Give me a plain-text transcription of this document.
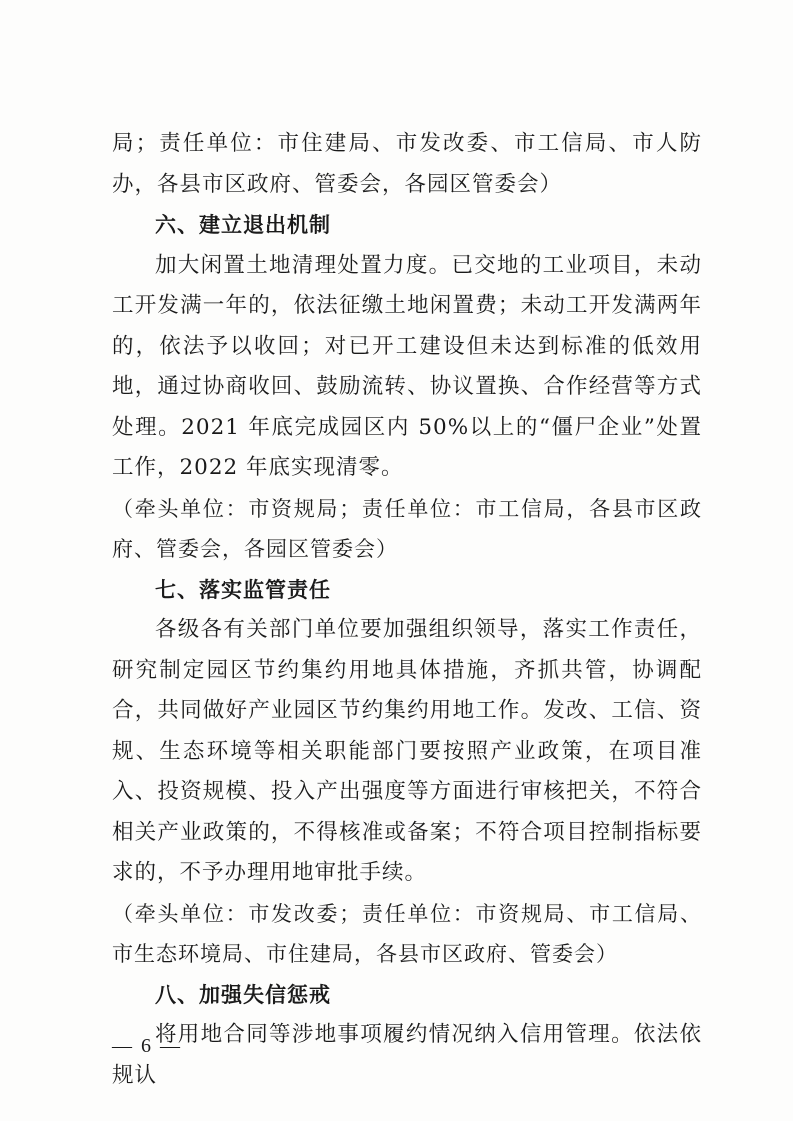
局；责任单位：市住建局、市发改委、市工信局、市人防办，各县市区政府、管委会，各园区管委会）

六、建立退出机制

加大闲置土地清理处置力度。已交地的工业项目，未动工开发满一年的，依法征缴土地闲置费；未动工开发满两年的，依法予以收回；对已开工建设但未达到标准的低效用地，通过协商收回、鼓励流转、协议置换、合作经营等方式处理。2021 年底完成园区内 50%以上的“僵尸企业”处置工作，2022 年底实现清零。

（牵头单位：市资规局；责任单位：市工信局，各县市区政府、管委会，各园区管委会）

七、落实监管责任

各级各有关部门单位要加强组织领导，落实工作责任，研究制定园区节约集约用地具体措施，齐抓共管，协调配合，共同做好产业园区节约集约用地工作。发改、工信、资规、生态环境等相关职能部门要按照产业政策，在项目准入、投资规模、投入产出强度等方面进行审核把关，不符合相关产业政策的，不得核准或备案；不符合项目控制指标要求的，不予办理用地审批手续。

（牵头单位：市发改委；责任单位：市资规局、市工信局、市生态环境局、市住建局，各县市区政府、管委会）

八、加强失信惩戒

将用地合同等涉地事项履约情况纳入信用管理。依法依规认

— 6 —
